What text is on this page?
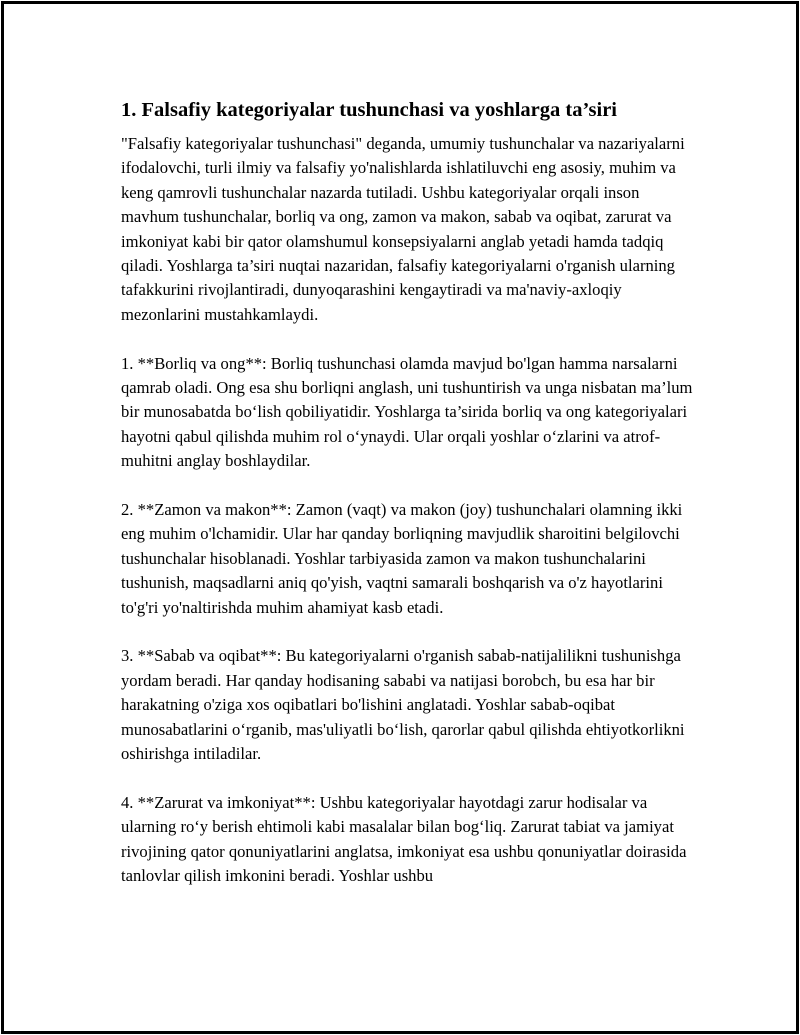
1. Falsafiy kategoriyalar tushunchasi va yoshlarga ta’siri

"Falsafiy kategoriyalar tushunchasi" deganda, umumiy tushunchalar va nazariyalarni ifodalovchi, turli ilmiy va falsafiy yo'nalishlarda ishlatiluvchi eng asosiy, muhim va keng qamrovli tushunchalar nazarda tutiladi. Ushbu kategoriyalar orqali inson mavhum tushunchalar, borliq va ong, zamon va makon, sabab va oqibat, zarurat va imkoniyat kabi bir qator olamshumul konsepsiyalarni anglab yetadi hamda tadqiq qiladi. Yoshlarga ta’siri nuqtai nazaridan, falsafiy kategoriyalarni o'rganish ularning tafakkurini rivojlantiradi, dunyoqarashini kengaytiradi va ma'naviy-axloqiy mezonlarini mustahkamlaydi.

1. **Borliq va ong**: Borliq tushunchasi olamda mavjud bo'lgan hamma narsalarni qamrab oladi. Ong esa shu borliqni anglash, uni tushuntirish va unga nisbatan ma’lum bir munosabatda bo‘lish qobiliyatidir. Yoshlarga ta’sirida borliq va ong kategoriyalari hayotni qabul qilishda muhim rol o‘ynaydi. Ular orqali yoshlar o‘zlarini va atrof-muhitni anglay boshlaydilar.

2. **Zamon va makon**: Zamon (vaqt) va makon (joy) tushunchalari olamning ikki eng muhim o'lchamidir. Ular har qanday borliqning mavjudlik sharoitini belgilovchi tushunchalar hisoblanadi. Yoshlar tarbiyasida zamon va makon tushunchalarini tushunish, maqsadlarni aniq qo'yish, vaqtni samarali boshqarish va o'z hayotlarini to'g'ri yo'naltirishda muhim ahamiyat kasb etadi.

3. **Sabab va oqibat**: Bu kategoriyalarni o'rganish sabab-natijalilikni tushunishga yordam beradi. Har qanday hodisaning sababi va natijasi borobch, bu esa har bir harakatning o'ziga xos oqibatlari bo'lishini anglatadi. Yoshlar sabab-oqibat munosabatlarini o‘rganib, mas'uliyatli bo‘lish, qarorlar qabul qilishda ehtiyotkorlikni oshirishga intiladilar.

4. **Zarurat va imkoniyat**: Ushbu kategoriyalar hayotdagi zarur hodisalar va ularning ro‘y berish ehtimoli kabi masalalar bilan bog‘liq. Zarurat tabiat va jamiyat rivojining qator qonuniyatlarini anglatsa, imkoniyat esa ushbu qonuniyatlar doirasida tanlovlar qilish imkonini beradi. Yoshlar ushbu
